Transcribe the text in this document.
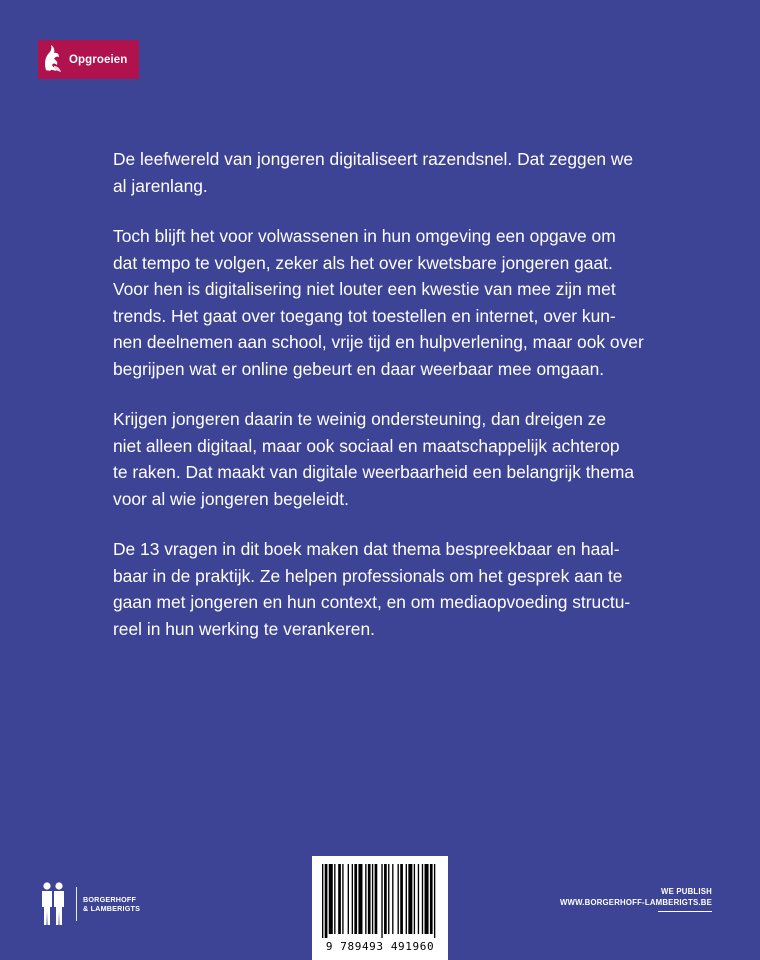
Opgroeien

De leefwereld van jongeren digitaliseert razendsnel. Dat zeggen we
al jarenlang.

Toch blijft het voor volwassenen in hun omgeving een opgave om
dat tempo te volgen, zeker als het over kwetsbare jongeren gaat.
Voor hen is digitalisering niet louter een kwestie van mee zijn met
trends. Het gaat over toegang tot toestellen en internet, over kun-
nen deelnemen aan school, vrije tijd en hulpverlening, maar ook over
begrijpen wat er online gebeurt en daar weerbaar mee omgaan.

Krijgen jongeren daarin te weinig ondersteuning, dan dreigen ze
niet alleen digitaal, maar ook sociaal en maatschappelijk achterop
te raken. Dat maakt van digitale weerbaarheid een belangrijk thema
voor al wie jongeren begeleidt.

De 13 vragen in dit boek maken dat thema bespreekbaar en haal-
baar in de praktijk. Ze helpen professionals om het gesprek aan te
gaan met jongeren en hun context, en om mediaopvoeding structu-
reel in hun werking te verankeren.

BORGERHOFF
& LAMBERIGTS
9 789493 491960
WE PUBLISH
WWW.BORGERHOFF-LAMBERIGTS.BE
